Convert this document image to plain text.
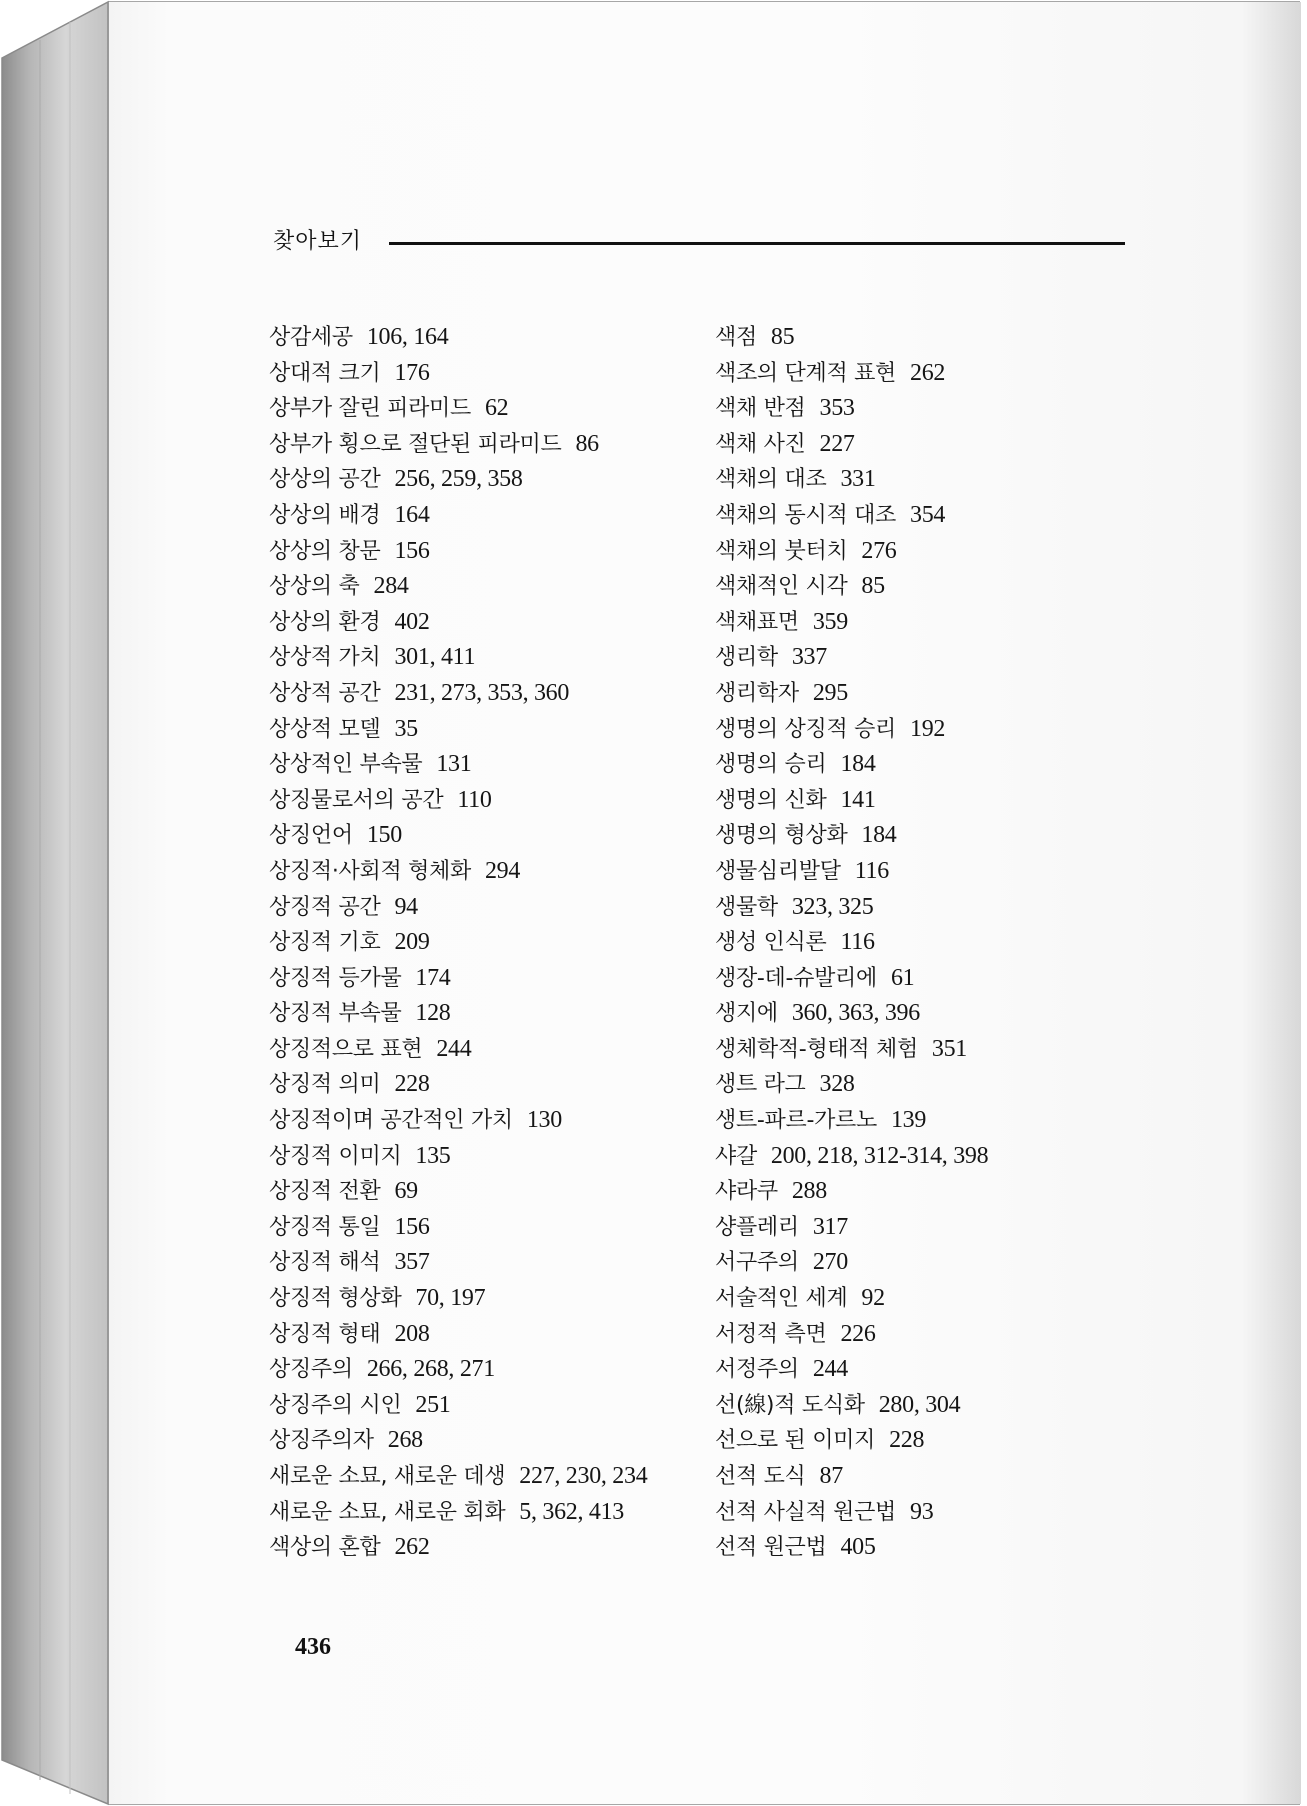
찾아보기
상감세공 106, 164
상대적 크기 176
상부가 잘린 피라미드 62
상부가 횡으로 절단된 피라미드 86
상상의 공간 256, 259, 358
상상의 배경 164
상상의 창문 156
상상의 축 284
상상의 환경 402
상상적 가치 301, 411
상상적 공간 231, 273, 353, 360
상상적 모델 35
상상적인 부속물 131
상징물로서의 공간 110
상징언어 150
상징적·사회적 형체화 294
상징적 공간 94
상징적 기호 209
상징적 등가물 174
상징적 부속물 128
상징적으로 표현 244
상징적 의미 228
상징적이며 공간적인 가치 130
상징적 이미지 135
상징적 전환 69
상징적 통일 156
상징적 해석 357
상징적 형상화 70, 197
상징적 형태 208
상징주의 266, 268, 271
상징주의 시인 251
상징주의자 268
새로운 소묘, 새로운 데생 227, 230, 234
새로운 소묘, 새로운 회화 5, 362, 413
색상의 혼합 262
색점 85
색조의 단계적 표현 262
색채 반점 353
색채 사진 227
색채의 대조 331
색채의 동시적 대조 354
색채의 붓터치 276
색채적인 시각 85
색채표면 359
생리학 337
생리학자 295
생명의 상징적 승리 192
생명의 승리 184
생명의 신화 141
생명의 형상화 184
생물심리발달 116
생물학 323, 325
생성 인식론 116
생장-데-슈발리에 61
생지에 360, 363, 396
생체학적-형태적 체험 351
생트 라그 328
생트-파르-가르노 139
샤갈 200, 218, 312-314, 398
샤라쿠 288
샹플레리 317
서구주의 270
서술적인 세계 92
서정적 측면 226
서정주의 244
선(線)적 도식화 280, 304
선으로 된 이미지 228
선적 도식 87
선적 사실적 원근법 93
선적 원근법 405
436
